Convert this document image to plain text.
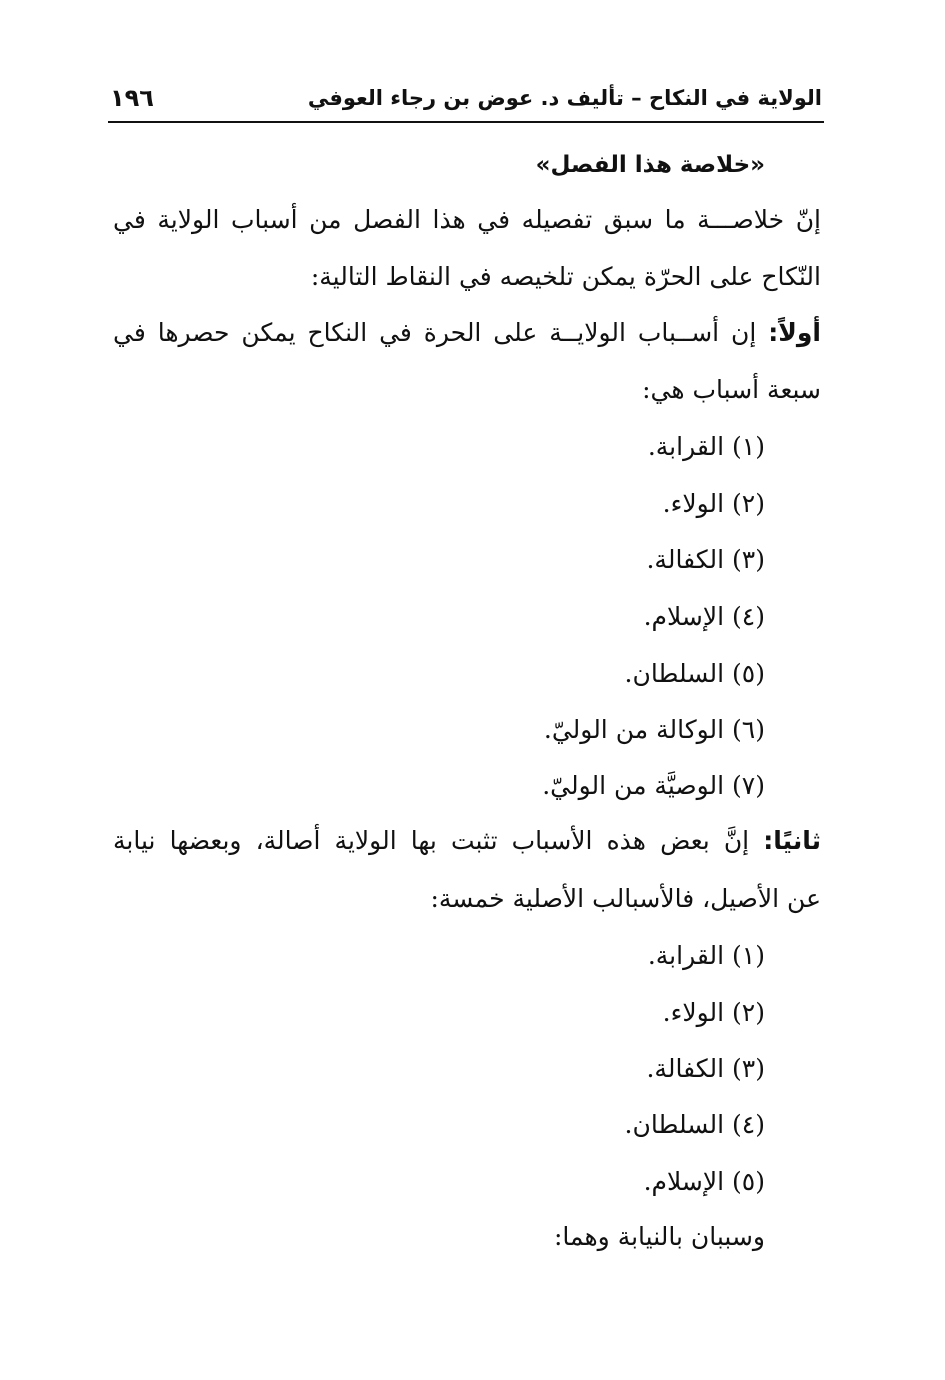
الولاية في النكاح – تأليف د. عوض بن رجاء العوفي
١٩٦
«خلاصة هذا الفصل»
إنّ خلاصـــة ما سبق تفصيله في هذا الفصل من أسباب الولاية في
النّكاح على الحرّة يمكن تلخيصه في النقاط التالية:
أولاً: إن أســباب الولايــة على الحرة في النكاح يمكن حصرها في
سبعة أسباب هي:
(١) القرابة.
(٢) الولاء.
(٣) الكفالة.
(٤) الإسلام.
(٥) السلطان.
(٦) الوكالة من الوليّ.
(٧) الوصيَّة من الوليّ.
ثانيًا: إنَّ بعض هذه الأسباب تثبت بها الولاية أصالة، وبعضها نيابة
عن الأصيل، فالأسبالب الأصلية خمسة:
(١) القرابة.
(٢) الولاء.
(٣) الكفالة.
(٤) السلطان.
(٥) الإسلام.
وسببان بالنيابة وهما:
